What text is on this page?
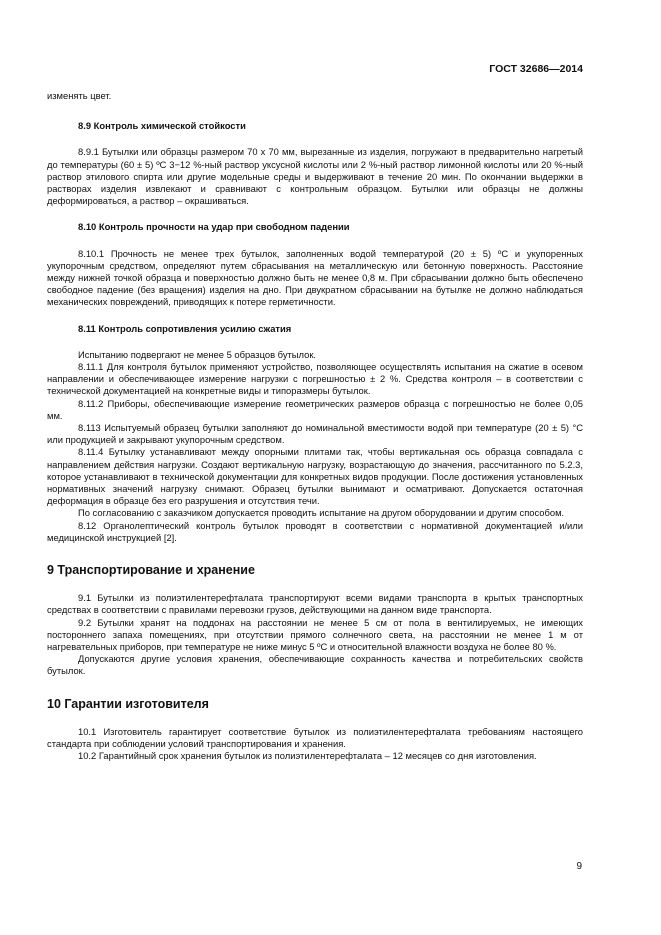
ГОСТ 32686—2014

изменять цвет.

8.9 Контроль химической стойкости

8.9.1 Бутылки или образцы размером 70 х 70 мм, вырезанные из изделия, погружают в предварительно нагретый до температуры (60 ± 5) ºС 3−12 %-ный раствор уксусной кислоты или 2 %-ный раствор лимонной кислоты или 20 %-ный раствор этилового спирта или другие модельные среды и выдерживают в течение 20 мин. По окончании выдержки в растворах изделия извлекают и сравнивают с контрольным образцом. Бутылки или образцы не должны деформироваться, а раствор – окрашиваться.

8.10 Контроль прочности на удар при свободном падении

8.10.1 Прочность не менее трех бутылок, заполненных водой температурой (20 ± 5) ºС и укупоренных укупорочным средством, определяют путем сбрасывания на металлическую или бетонную поверхность. Расстояние между нижней точкой образца и поверхностью должно быть не менее 0,8 м. При сбрасывании должно быть обеспечено свободное падение (без вращения) изделия на дно. При двукратном сбрасывании на бутылке не должно наблюдаться механических повреждений, приводящих к потере герметичности.

8.11 Контроль сопротивления усилию сжатия

Испытанию подвергают не менее 5 образцов бутылок.

8.11.1 Для контроля бутылок применяют устройство, позволяющее осуществлять испытания на сжатие в осевом направлении и обеспечивающее измерение нагрузки с погрешностью ± 2 %. Средства контроля – в соответствии с технической документацией на конкретные виды и типоразмеры бутылок.

8.11.2 Приборы, обеспечивающие измерение геометрических размеров образца с погрешностью не более 0,05 мм.

8.113 Испытуемый образец бутылки заполняют до номинальной вместимости водой при температуре (20 ± 5) °С или продукцией и закрывают укупорочным средством.

8.11.4 Бутылку устанавливают между опорными плитами так, чтобы вертикальная ось образца совпадала с направлением действия нагрузки. Создают вертикальную нагрузку, возрастающую до значения, рассчитанного по 5.2.3, которое устанавливают в технической документации для конкретных видов продукции. После достижения установленных нормативных значений нагрузку снимают. Образец бутылки вынимают и осматривают. Допускается остаточная деформация в образце без его разрушения и отсутствия течи.

По согласованию с заказчиком допускается проводить испытание на другом оборудовании и другим способом.

8.12 Органолептический контроль бутылок проводят в соответствии с нормативной документацией и/или медицинской инструкцией [2].

9 Транспортирование и хранение

9.1 Бутылки из полиэтилентерефталата транспортируют всеми видами транспорта в крытых транспортных средствах в соответствии с правилами перевозки грузов, действующими на данном виде транспорта.

9.2 Бутылки хранят на поддонах на расстоянии не менее 5 см от пола в вентилируемых, не имеющих постороннего запаха помещениях, при отсутствии прямого солнечного света, на расстоянии не менее 1 м от нагревательных приборов, при температуре не ниже минус 5 ºС и относительной влажности воздуха не более 80 %.

Допускаются другие условия хранения, обеспечивающие сохранность качества и потребительских свойств бутылок.

10 Гарантии изготовителя

10.1 Изготовитель гарантирует соответствие бутылок из полиэтилентерефталата требованиям настоящего стандарта при соблюдении условий транспортирования и хранения.

10.2 Гарантийный срок хранения бутылок из полиэтилентерефталата – 12 месяцев со дня изготовления.

9
